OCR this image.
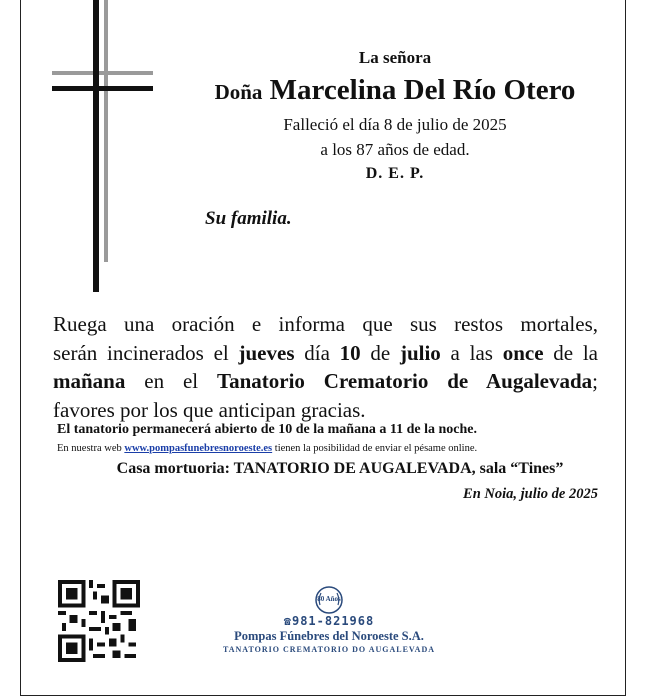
La señora
Doña Marcelina Del Río Otero
Falleció el día 8 de julio de 2025
a los 87 años de edad.
D. E. P.
Su familia.
Ruega una oración e informa que sus restos mortales,
serán incinerados el jueves día 10 de julio a las once de la
mañana en el Tanatorio Crematorio de Augalevada;
favores por los que anticipan gracias.
El tanatorio permanecerá abierto de 10 de la mañana a 11 de la noche.
En nuestra web www.pompasfunebresnoroeste.es tienen la posibilidad de enviar el pésame online.
Casa mortuoria: TANATORIO DE AUGALEVADA, sala “Tines”
En Noia, julio de 2025
80 Años
☎981-821968
Pompas Fúnebres del Noroeste S.A.
TANATORIO CREMATORIO DO AUGALEVADA
